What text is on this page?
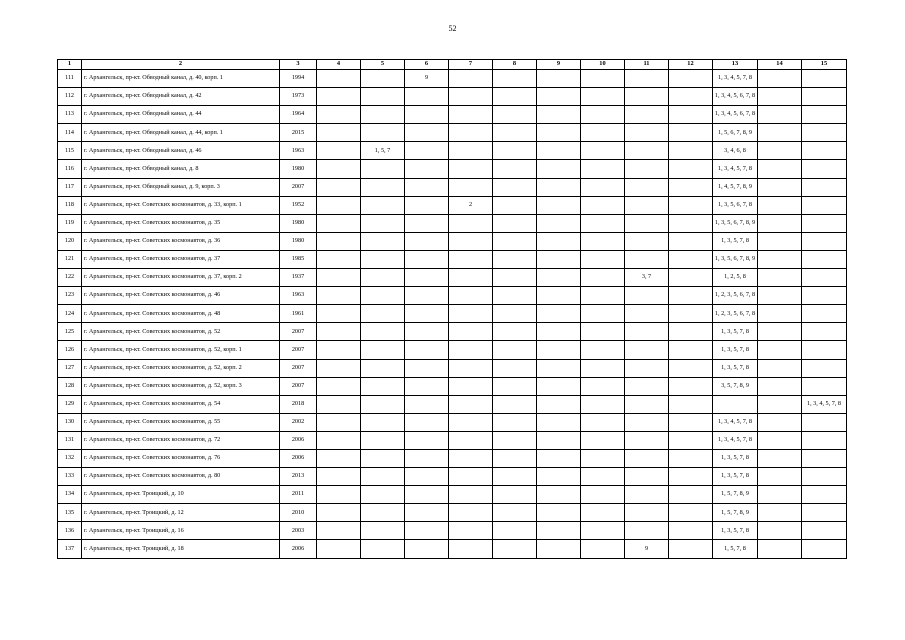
52
1	2	3	4	5	6	7	8	9	10	11	12	13	14	15
111	г. Архангельск, пр-кт. Обводный канал, д. 40, корп. 1	1994			9							1, 3, 4, 5, 7, 8		
112	г. Архангельск, пр-кт. Обводный канал, д. 42	1973										1, 3, 4, 5, 6, 7, 8		
113	г. Архангельск, пр-кт. Обводный канал, д. 44	1964										1, 3, 4, 5, 6, 7, 8		
114	г. Архангельск, пр-кт. Обводный канал, д. 44, корп. 1	2015										1, 5, 6, 7, 8, 9		
115	г. Архангельск, пр-кт. Обводный канал, д. 46	1963		1, 5, 7								3, 4, 6, 8		
116	г. Архангельск, пр-кт. Обводный канал, д. 8	1980										1, 3, 4, 5, 7, 8		
117	г. Архангельск, пр-кт. Обводный канал, д. 9, корп. 3	2007										1, 4, 5, 7, 8, 9		
118	г. Архангельск, пр-кт. Советских космонавтов, д. 33, корп. 1	1952				2						1, 3, 5, 6, 7, 8		
119	г. Архангельск, пр-кт. Советских космонавтов, д. 35	1980										1, 3, 5, 6, 7, 8, 9		
120	г. Архангельск, пр-кт. Советских космонавтов, д. 36	1980										1, 3, 5, 7, 8		
121	г. Архангельск, пр-кт. Советских космонавтов, д. 37	1985										1, 3, 5, 6, 7, 8, 9		
122	г. Архангельск, пр-кт. Советских космонавтов, д. 37, корп. 2	1937								3, 7		1, 2, 5, 8		
123	г. Архангельск, пр-кт. Советских космонавтов, д. 46	1963										1, 2, 3, 5, 6, 7, 8		
124	г. Архангельск, пр-кт. Советских космонавтов, д. 48	1961										1, 2, 3, 5, 6, 7, 8		
125	г. Архангельск, пр-кт. Советских космонавтов, д. 52	2007										1, 3, 5, 7, 8		
126	г. Архангельск, пр-кт. Советских космонавтов, д. 52, корп. 1	2007										1, 3, 5, 7, 8		
127	г. Архангельск, пр-кт. Советских космонавтов, д. 52, корп. 2	2007										1, 3, 5, 7, 8		
128	г. Архангельск, пр-кт. Советских космонавтов, д. 52, корп. 3	2007										3, 5, 7, 8, 9		
129	г. Архангельск, пр-кт. Советских космонавтов, д. 54	2018												1, 3, 4, 5, 7, 8
130	г. Архангельск, пр-кт. Советских космонавтов, д. 55	2002										1, 3, 4, 5, 7, 8		
131	г. Архангельск, пр-кт. Советских космонавтов, д. 72	2006										1, 3, 4, 5, 7, 8		
132	г. Архангельск, пр-кт. Советских космонавтов, д. 76	2006										1, 3, 5, 7, 8		
133	г. Архангельск, пр-кт. Советских космонавтов, д. 80	2013										1, 3, 5, 7, 8		
134	г. Архангельск, пр-кт. Троицкий, д. 10	2011										1, 5, 7, 8, 9		
135	г. Архангельск, пр-кт. Троицкий, д. 12	2010										1, 5, 7, 8, 9		
136	г. Архангельск, пр-кт. Троицкий, д. 16	2003										1, 3, 5, 7, 8		
137	г. Архангельск, пр-кт. Троицкий, д. 18	2006								9		1, 5, 7, 8		
